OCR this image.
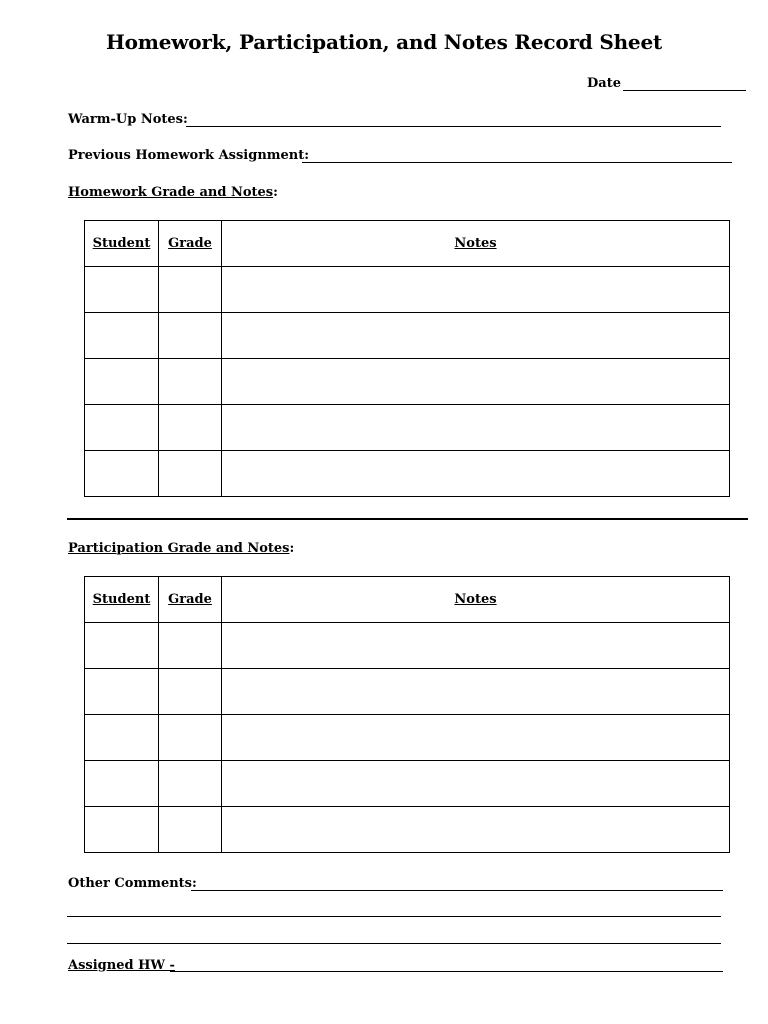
Homework, Participation, and Notes Record Sheet
Date
Warm-Up Notes:
Previous Homework Assignment:
Homework Grade and Notes:
Student	Grade	Notes

Participation Grade and Notes:
Student	Grade	Notes

Other Comments:
Assigned HW -
